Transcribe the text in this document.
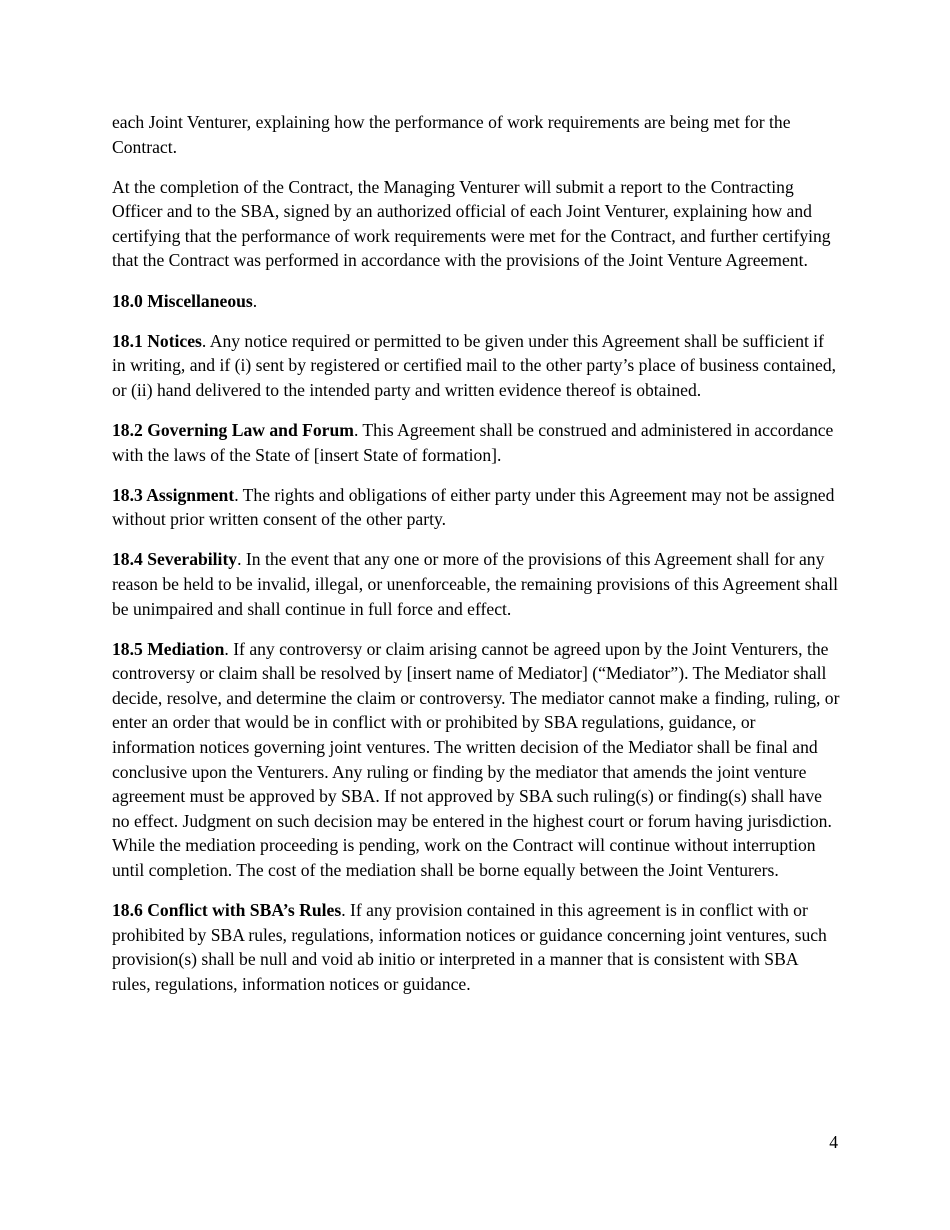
each Joint Venturer, explaining how the performance of work requirements are being met for the Contract.

At the completion of the Contract, the Managing Venturer will submit a report to the Contracting Officer and to the SBA, signed by an authorized official of each Joint Venturer, explaining how and certifying that the performance of work requirements were met for the Contract, and further certifying that the Contract was performed in accordance with the provisions of the Joint Venture Agreement.

18.0 Miscellaneous.

18.1 Notices. Any notice required or permitted to be given under this Agreement shall be sufficient if in writing, and if (i) sent by registered or certified mail to the other party’s place of business contained, or (ii) hand delivered to the intended party and written evidence thereof is obtained.

18.2 Governing Law and Forum. This Agreement shall be construed and administered in accordance with the laws of the State of [insert State of formation].

18.3 Assignment. The rights and obligations of either party under this Agreement may not be assigned without prior written consent of the other party.

18.4 Severability. In the event that any one or more of the provisions of this Agreement shall for any reason be held to be invalid, illegal, or unenforceable, the remaining provisions of this Agreement shall be unimpaired and shall continue in full force and effect.

18.5 Mediation. If any controversy or claim arising cannot be agreed upon by the Joint Venturers, the controversy or claim shall be resolved by [insert name of Mediator] (“Mediator”). The Mediator shall decide, resolve, and determine the claim or controversy. The mediator cannot make a finding, ruling, or enter an order that would be in conflict with or prohibited by SBA regulations, guidance, or information notices governing joint ventures. The written decision of the Mediator shall be final and conclusive upon the Venturers. Any ruling or finding by the mediator that amends the joint venture agreement must be approved by SBA. If not approved by SBA such ruling(s) or finding(s) shall have no effect. Judgment on such decision may be entered in the highest court or forum having jurisdiction. While the mediation proceeding is pending, work on the Contract will continue without interruption until completion. The cost of the mediation shall be borne equally between the Joint Venturers.

18.6 Conflict with SBA’s Rules. If any provision contained in this agreement is in conflict with or prohibited by SBA rules, regulations, information notices or guidance concerning joint ventures, such provision(s) shall be null and void ab initio or interpreted in a manner that is consistent with SBA rules, regulations, information notices or guidance.

4
